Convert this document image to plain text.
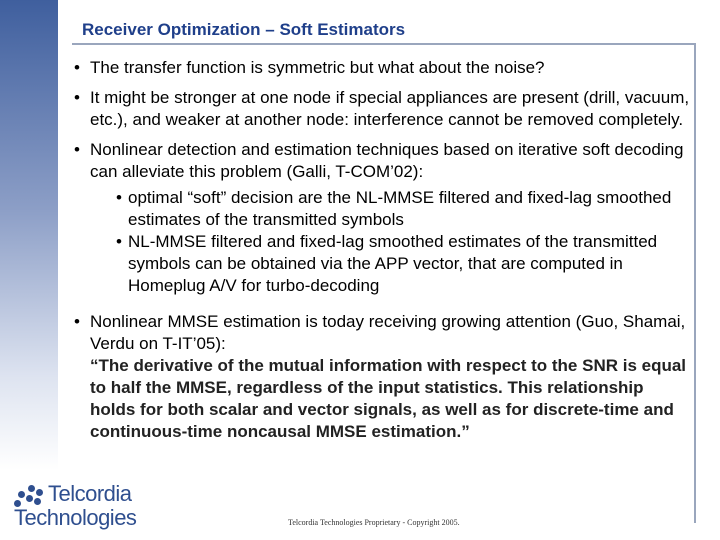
Receiver Optimization – Soft Estimators

• The transfer function is symmetric but what about the noise?

• It might be stronger at one node if special appliances are present (drill, vacuum, etc.), and weaker at another node: interference cannot be removed completely.

• Nonlinear detection and estimation techniques based on iterative soft decoding can alleviate this problem (Galli, T-COM’02):

• optimal “soft” decision are the NL-MMSE filtered and fixed-lag smoothed estimates of the transmitted symbols

• NL-MMSE filtered and fixed-lag smoothed estimates of the transmitted symbols can be obtained via the APP vector, that are computed in Homeplug A/V for turbo-decoding

• Nonlinear MMSE estimation is today receiving growing attention (Guo, Shamai, Verdu on T-IT’05):
“The derivative of the mutual information with respect to the SNR is equal to half the MMSE, regardless of the input statistics. This relationship holds for both scalar and vector signals, as well as for discrete-time and continuous-time noncausal MMSE estimation.”

Telcordia
Technologies	Telcordia Technologies Proprietary - Copyright 2005.
